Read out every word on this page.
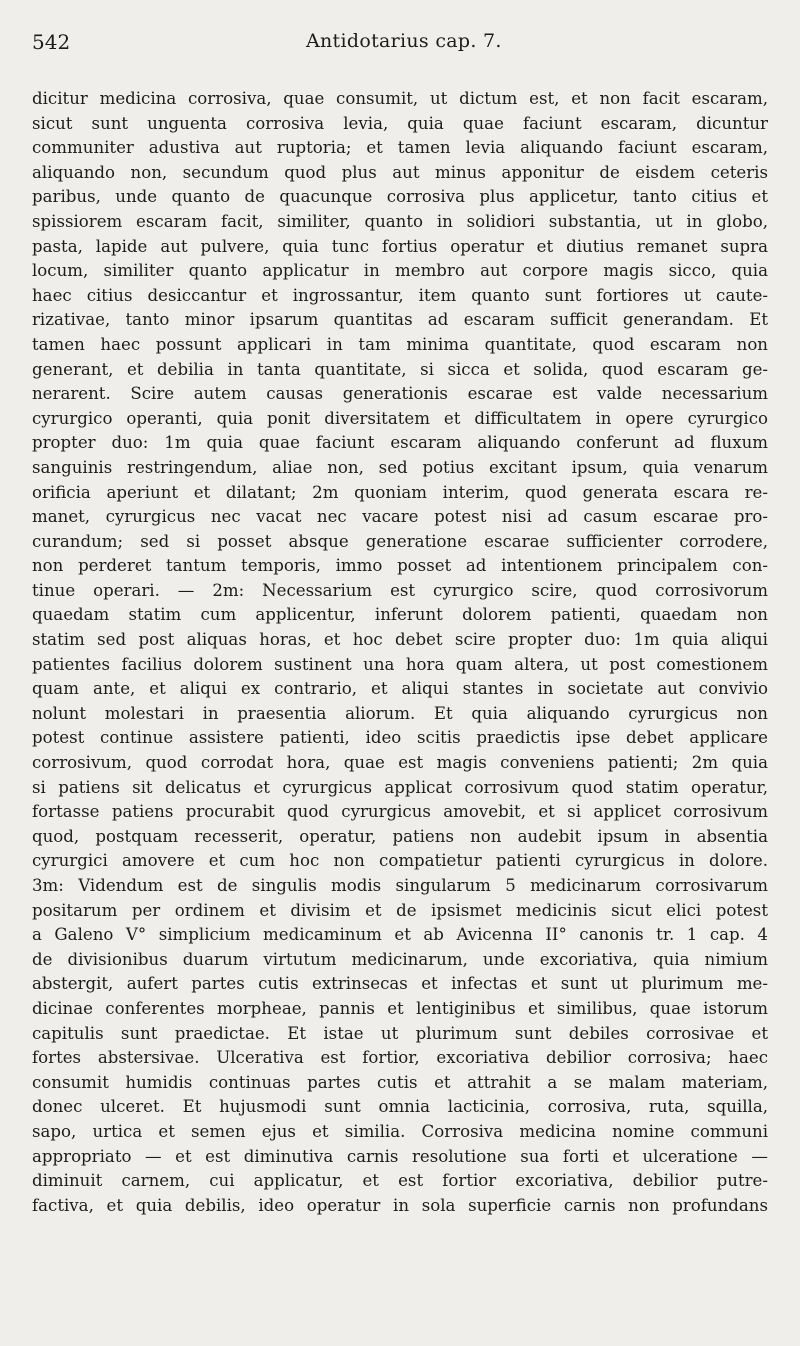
542	Antidotarius cap. 7.
dicitur medicina corrosiva, quae consumit, ut dictum est, et non facit escaram,
sicut sunt unguenta corrosiva levia, quia quae faciunt escaram, dicuntur
communiter adustiva aut ruptoria; et tamen levia aliquando faciunt escaram,
aliquando non, secundum quod plus aut minus apponitur de eisdem ceteris
paribus, unde quanto de quacunque corrosiva plus applicetur, tanto citius et
spissiorem escaram facit, similiter, quanto in solidiori substantia, ut in globo,
pasta, lapide aut pulvere, quia tunc fortius operatur et diutius remanet supra
locum, similiter quanto applicatur in membro aut corpore magis sicco, quia
haec citius desiccantur et ingrossantur, item quanto sunt fortiores ut caute-
rizativae, tanto minor ipsarum quantitas ad escaram sufficit generandam. Et
tamen haec possunt applicari in tam minima quantitate, quod escaram non
generant, et debilia in tanta quantitate, si sicca et solida, quod escaram ge-
nerarent. Scire autem causas generationis escarae est valde necessarium
cyrurgico operanti, quia ponit diversitatem et difficultatem in opere cyrurgico
propter duo: 1m quia quae faciunt escaram aliquando conferunt ad fluxum
sanguinis restringendum, aliae non, sed potius excitant ipsum, quia venarum
orificia aperiunt et dilatant; 2m quoniam interim, quod generata escara re-
manet, cyrurgicus nec vacat nec vacare potest nisi ad casum escarae pro-
curandum; sed si posset absque generatione escarae sufficienter corrodere,
non perderet tantum temporis, immo posset ad intentionem principalem con-
tinue operari. — 2m: Necessarium est cyrurgico scire, quod corrosivorum
quaedam statim cum applicentur, inferunt dolorem patienti, quaedam non
statim sed post aliquas horas, et hoc debet scire propter duo: 1m quia aliqui
patientes facilius dolorem sustinent una hora quam altera, ut post comestionem
quam ante, et aliqui ex contrario, et aliqui stantes in societate aut convivio
nolunt molestari in praesentia aliorum. Et quia aliquando cyrurgicus non
potest continue assistere patienti, ideo scitis praedictis ipse debet applicare
corrosivum, quod corrodat hora, quae est magis conveniens patienti; 2m quia
si patiens sit delicatus et cyrurgicus applicat corrosivum quod statim operatur,
fortasse patiens procurabit quod cyrurgicus amovebit, et si applicet corrosivum
quod, postquam recesserit, operatur, patiens non audebit ipsum in absentia
cyrurgici amovere et cum hoc non compatietur patienti cyrurgicus in dolore.
3m: Videndum est de singulis modis singularum 5 medicinarum corrosivarum
positarum per ordinem et divisim et de ipsismet medicinis sicut elici potest
a Galeno V° simplicium medicaminum et ab Avicenna II° canonis tr. 1 cap. 4
de divisionibus duarum virtutum medicinarum, unde excoriativa, quia nimium
abstergit, aufert partes cutis extrinsecas et infectas et sunt ut plurimum me-
dicinae conferentes morpheae, pannis et lentiginibus et similibus, quae istorum
capitulis sunt praedictae. Et istae ut plurimum sunt debiles corrosivae et
fortes abstersivae. Ulcerativa est fortior, excoriativa debilior corrosiva; haec
consumit humidis continuas partes cutis et attrahit a se malam materiam,
donec ulceret. Et hujusmodi sunt omnia lacticinia, corrosiva, ruta, squilla,
sapo, urtica et semen ejus et similia. Corrosiva medicina nomine communi
appropriato — et est diminutiva carnis resolutione sua forti et ulceratione —
diminuit carnem, cui applicatur, et est fortior excoriativa, debilior putre-
factiva, et quia debilis, ideo operatur in sola superficie carnis non profundans
